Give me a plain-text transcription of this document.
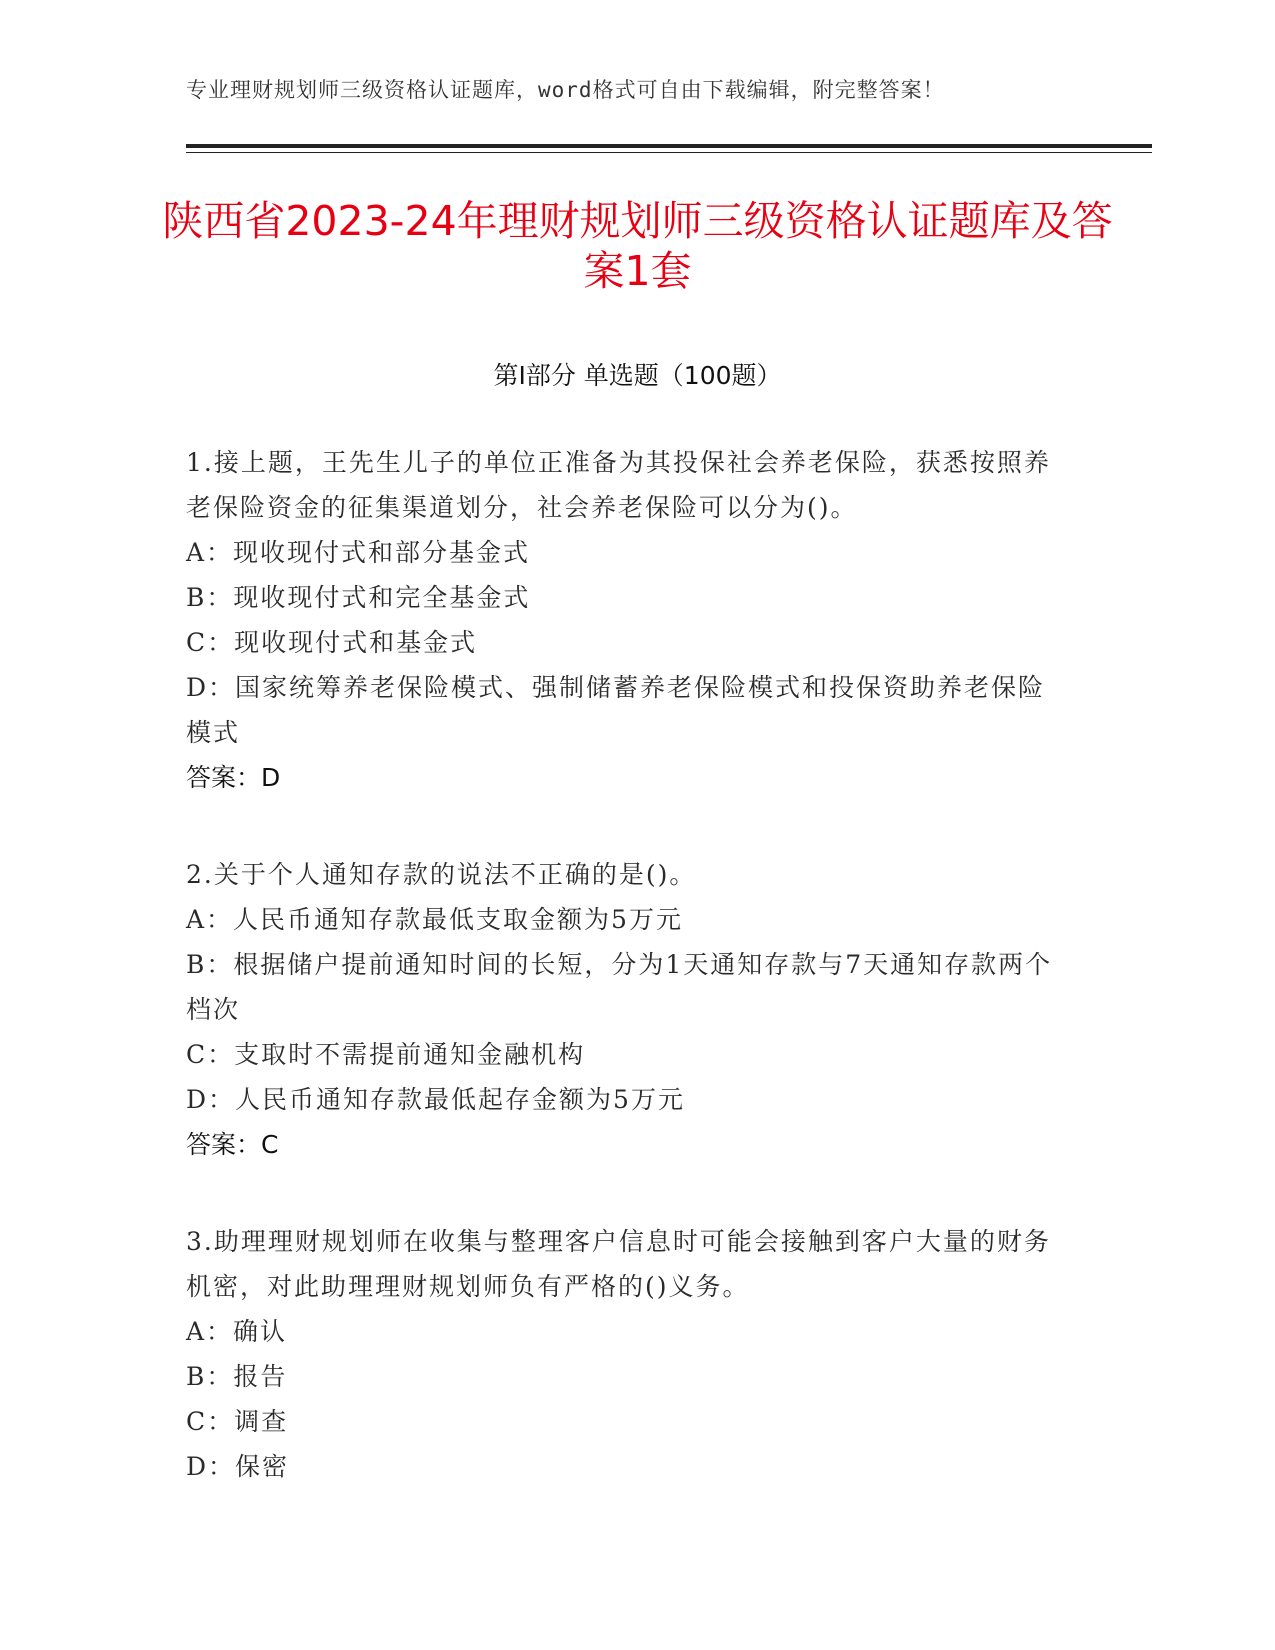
专业理财规划师三级资格认证题库，word格式可自由下载编辑，附完整答案！
陕西省2023-24年理财规划师三级资格认证题库及答案1套
第I部分 单选题（100题）
1.接上题，王先生儿子的单位正准备为其投保社会养老保险，获悉按照养老保险资金的征集渠道划分，社会养老保险可以分为()。
A：现收现付式和部分基金式
B：现收现付式和完全基金式
C：现收现付式和基金式
D：国家统筹养老保险模式、强制储蓄养老保险模式和投保资助养老保险模式
答案：D
2.关于个人通知存款的说法不正确的是()。
A：人民币通知存款最低支取金额为5万元
B：根据储户提前通知时间的长短，分为1天通知存款与7天通知存款两个档次
C：支取时不需提前通知金融机构
D：人民币通知存款最低起存金额为5万元
答案：C
3.助理理财规划师在收集与整理客户信息时可能会接触到客户大量的财务机密，对此助理理财规划师负有严格的()义务。
A：确认
B：报告
C：调查
D：保密
